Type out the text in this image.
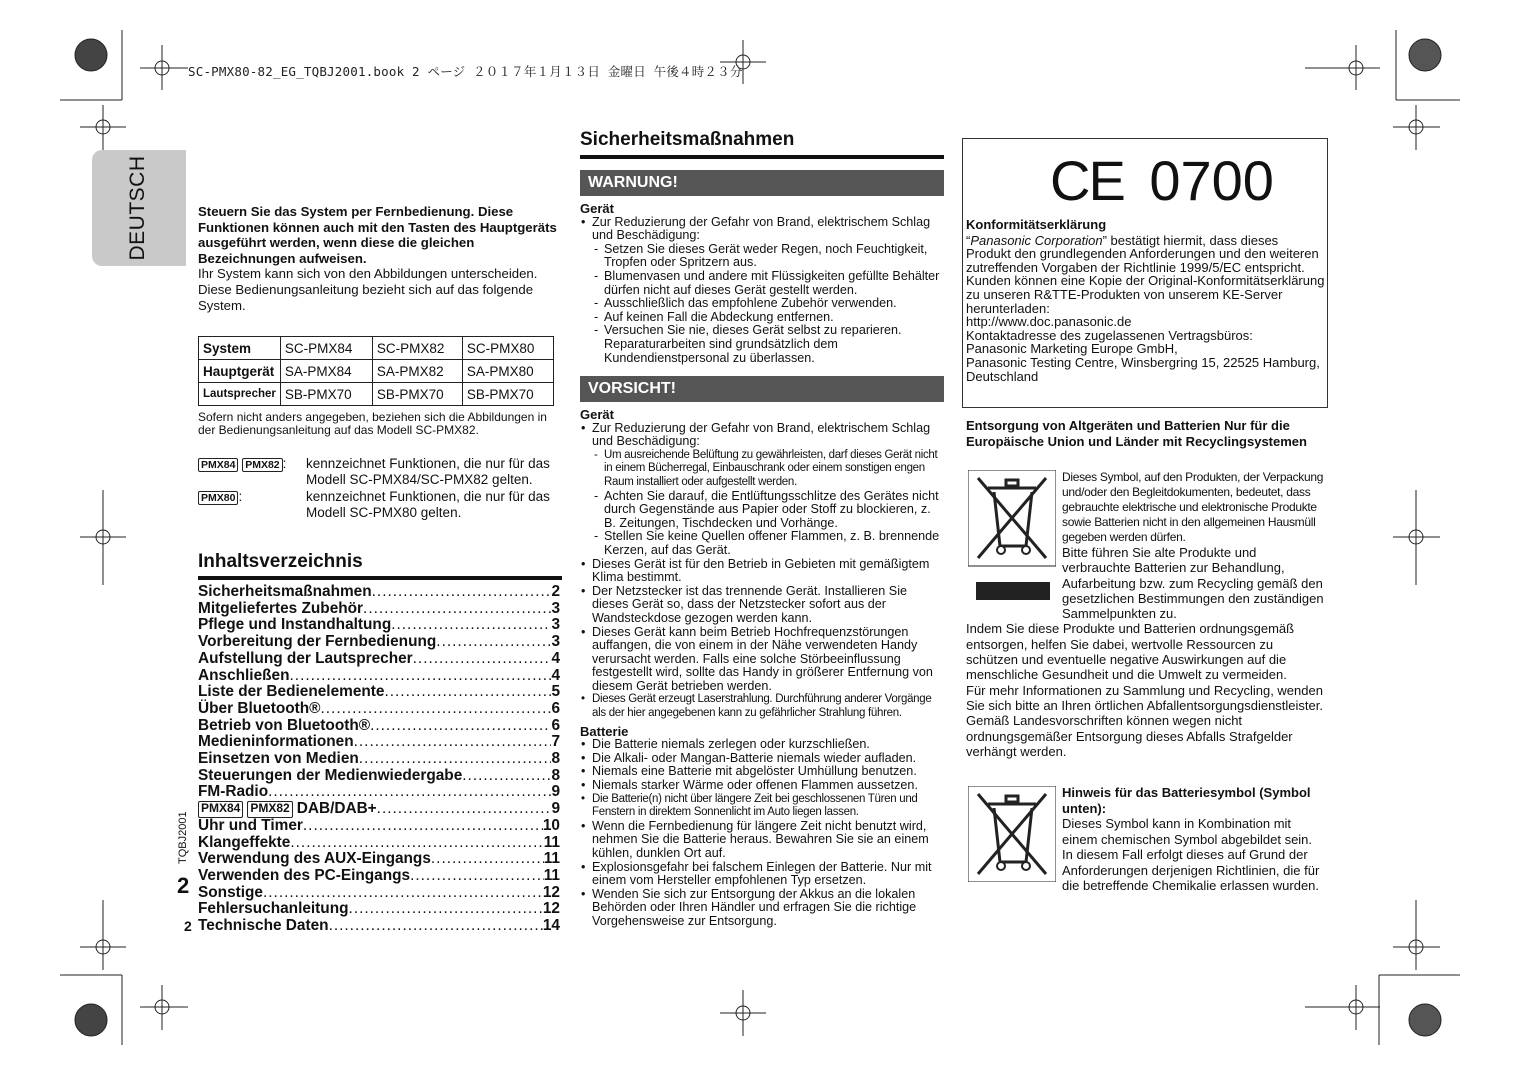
SC-PMX80-82_EG_TQBJ2001.book 2 ページ ２０１７年１月１３日 金曜日 午後４時２３分
DEUTSCH	Steuern Sie das System per Fernbedienung. Diese Funktionen können auch mit den Tasten des Hauptgeräts ausgeführt werden, wenn diese die gleichen Bezeichnungen aufweisen.
Ihr System kann sich von den Abbildungen unterscheiden.
Diese Bedienungsanleitung bezieht sich auf das folgende System.
System	SC-PMX84	SC-PMX82	SC-PMX80
Hauptgerät	SA-PMX84	SA-PMX82	SA-PMX80
Lautsprecher	SB-PMX70	SB-PMX70	SB-PMX70
Sofern nicht anders angegeben, beziehen sich die Abbildungen in der Bedienungsanleitung auf das Modell SC-PMX82.
PMX84 PMX82 :	kennzeichnet Funktionen, die nur für das Modell SC-PMX84/SC-PMX82 gelten.
PMX80 :	kennzeichnet Funktionen, die nur für das Modell SC-PMX80 gelten.
Inhaltsverzeichnis
Sicherheitsmaßnahmen .....	2
Mitgeliefertes Zubehör .....	3
Pflege und Instandhaltung .....	3
Vorbereitung der Fernbedienung .....	3
Aufstellung der Lautsprecher .....	4
Anschließen .....	4
Liste der Bedienelemente .....	5
Über Bluetooth® .....	6
Betrieb von Bluetooth® .....	6
Medieninformationen .....	7
Einsetzen von Medien .....	8
Steuerungen der Medienwiedergabe .....	8
FM-Radio .....	9
PMX84 PMX82 DAB/DAB+ .....	9
Uhr und Timer .....	10
Klangeffekte .....	11
Verwendung des AUX-Eingangs .....	11
Verwenden des PC-Eingangs .....	11
Sonstige .....	12
Fehlersuchanleitung .....	12
Technische Daten .....	14
TQBJ2001
2
2
Sicherheitsmaßnahmen
WARNUNG!
Gerät
• Zur Reduzierung der Gefahr von Brand, elektrischem Schlag und Beschädigung:
- Setzen Sie dieses Gerät weder Regen, noch Feuchtigkeit, Tropfen oder Spritzern aus.
- Blumenvasen und andere mit Flüssigkeiten gefüllte Behälter dürfen nicht auf dieses Gerät gestellt werden.
- Ausschließlich das empfohlene Zubehör verwenden.
- Auf keinen Fall die Abdeckung entfernen.
- Versuchen Sie nie, dieses Gerät selbst zu reparieren. Reparaturarbeiten sind grundsätzlich dem Kundendienstpersonal zu überlassen.
VORSICHT!
Gerät
• Zur Reduzierung der Gefahr von Brand, elektrischem Schlag und Beschädigung:
- Um ausreichende Belüftung zu gewährleisten, darf dieses Gerät nicht in einem Bücherregal, Einbauschrank oder einem sonstigen engen Raum installiert oder aufgestellt werden.
- Achten Sie darauf, die Entlüftungsschlitze des Gerätes nicht durch Gegenstände aus Papier oder Stoff zu blockieren, z. B. Zeitungen, Tischdecken und Vorhänge.
- Stellen Sie keine Quellen offener Flammen, z. B. brennende Kerzen, auf das Gerät.
• Dieses Gerät ist für den Betrieb in Gebieten mit gemäßigtem Klima bestimmt.
• Der Netzstecker ist das trennende Gerät. Installieren Sie dieses Gerät so, dass der Netzstecker sofort aus der Wandsteckdose gezogen werden kann.
• Dieses Gerät kann beim Betrieb Hochfrequenzstörungen auffangen, die von einem in der Nähe verwendeten Handy verursacht werden. Falls eine solche Störbeeinflussung festgestellt wird, sollte das Handy in größerer Entfernung von diesem Gerät betrieben werden.
• Dieses Gerät erzeugt Laserstrahlung. Durchführung anderer Vorgänge als der hier angegebenen kann zu gefährlicher Strahlung führen.
Batterie
• Die Batterie niemals zerlegen oder kurzschließen.
• Die Alkali- oder Mangan-Batterie niemals wieder aufladen.
• Niemals eine Batterie mit abgelöster Umhüllung benutzen.
• Niemals starker Wärme oder offenen Flammen aussetzen.
• Die Batterie(n) nicht über längere Zeit bei geschlossenen Türen und Fenstern in direktem Sonnenlicht im Auto liegen lassen.
• Wenn die Fernbedienung für längere Zeit nicht benutzt wird, nehmen Sie die Batterie heraus. Bewahren Sie sie an einem kühlen, dunklen Ort auf.
• Explosionsgefahr bei falschem Einlegen der Batterie. Nur mit einem vom Hersteller empfohlenen Typ ersetzen.
• Wenden Sie sich zur Entsorgung der Akkus an die lokalen Behörden oder Ihren Händler und erfragen Sie die richtige Vorgehensweise zur Entsorgung.
CE 0700
Konformitätserklärung
“Panasonic Corporation” bestätigt hiermit, dass dieses Produkt den grundlegenden Anforderungen und den weiteren zutreffenden Vorgaben der Richtlinie 1999/5/EC entspricht.
Kunden können eine Kopie der Original-Konformitätserklärung zu unseren R&TTE-Produkten von unserem KE-Server herunterladen:
http://www.doc.panasonic.de
Kontaktadresse des zugelassenen Vertragsbüros:
Panasonic Marketing Europe GmbH,
Panasonic Testing Centre, Winsbergring 15, 22525 Hamburg, Deutschland
Entsorgung von Altgeräten und Batterien Nur für die Europäische Union und Länder mit Recyclingsystemen
Dieses Symbol, auf den Produkten, der Verpackung und/oder den Begleitdokumenten, bedeutet, dass gebrauchte elektrische und elektronische Produkte sowie Batterien nicht in den allgemeinen Hausmüll gegeben werden dürfen.
Bitte führen Sie alte Produkte und verbrauchte Batterien zur Behandlung, Aufarbeitung bzw. zum Recycling gemäß den gesetzlichen Bestimmungen den zuständigen Sammelpunkten zu.
Indem Sie diese Produkte und Batterien ordnungsgemäß entsorgen, helfen Sie dabei, wertvolle Ressourcen zu schützen und eventuelle negative Auswirkungen auf die menschliche Gesundheit und die Umwelt zu vermeiden.
Für mehr Informationen zu Sammlung und Recycling, wenden Sie sich bitte an Ihren örtlichen Abfallentsorgungsdienstleister.
Gemäß Landesvorschriften können wegen nicht ordnungsgemäßer Entsorgung dieses Abfalls Strafgelder verhängt werden.
Hinweis für das Batteriesymbol (Symbol unten):
Dieses Symbol kann in Kombination mit einem chemischen Symbol abgebildet sein. In diesem Fall erfolgt dieses auf Grund der Anforderungen derjenigen Richtlinien, die für die betreffende Chemikalie erlassen wurden.
